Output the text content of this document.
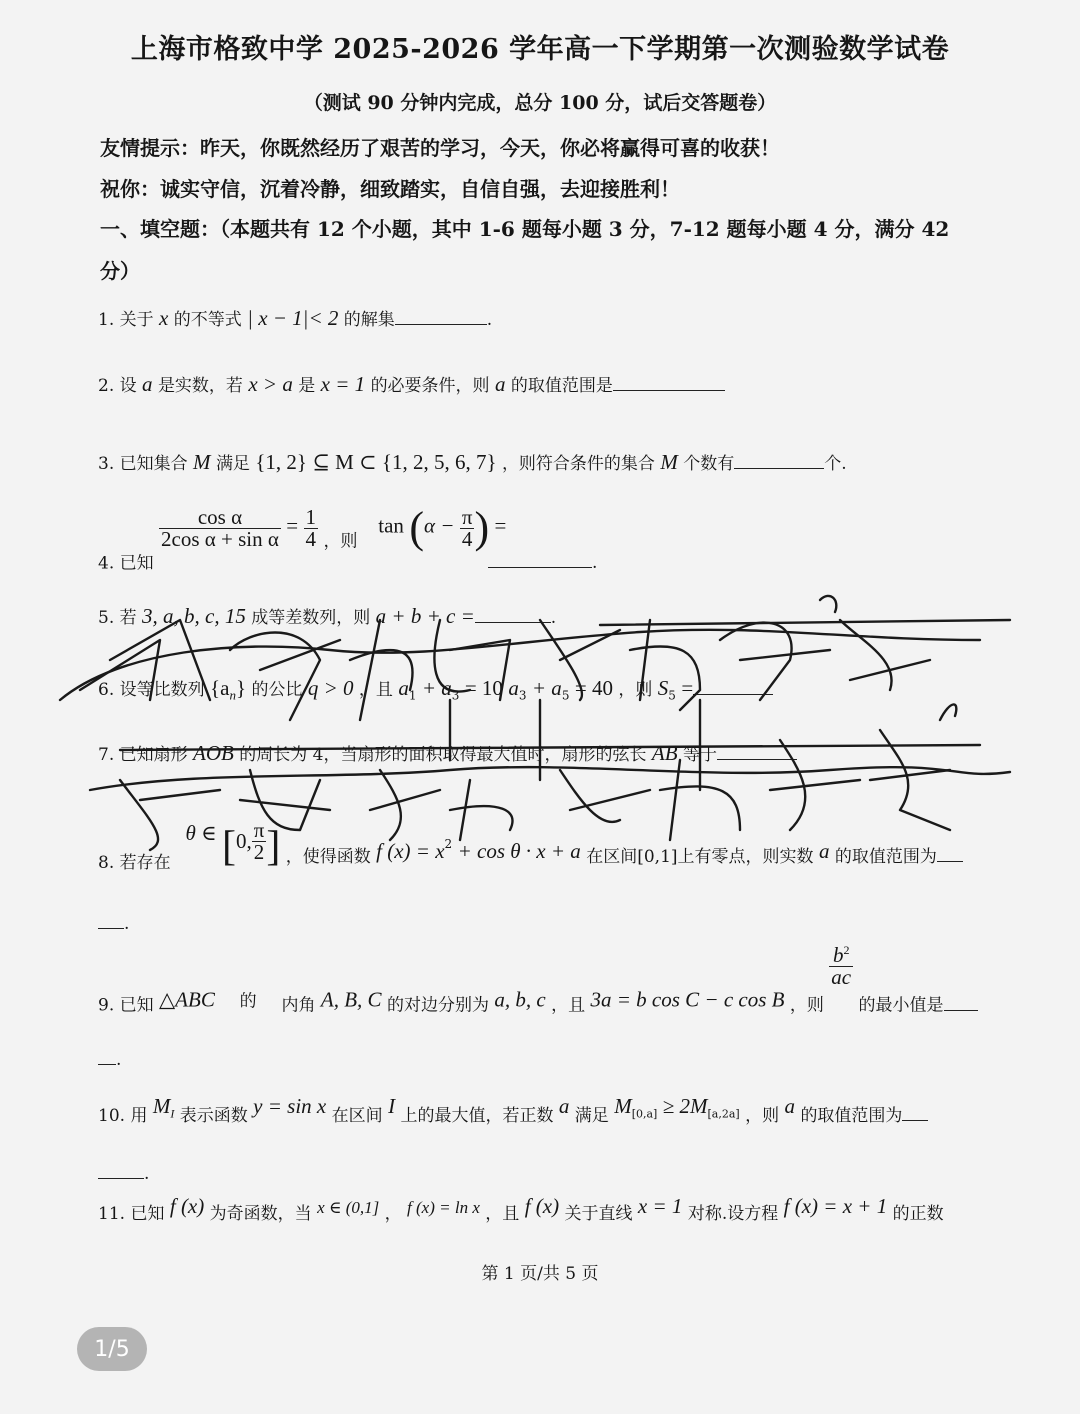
上海市格致中学 2025-2026 学年高一下学期第一次测验数学试卷
（测试 90 分钟内完成，总分 100 分，试后交答题卷）
友情提示：昨天，你既然经历了艰苦的学习，今天，你必将赢得可喜的收获！
祝你：诚实守信，沉着冷静，细致踏实，自信自强，去迎接胜利！
一、填空题：（本题共有 12 个小题，其中 1-6 题每小题 3 分，7-12 题每小题 4 分，满分 42
分）
1. 关于 x 的不等式 | x − 1|< 2 的解集	.
2. 设 a 是实数，若 x > a 是 x = 1 的必要条件，则 a 的取值范围是
3. 已知集合 M 满足 {1, 2} ⊆ M ⊂ {1, 2, 5, 6, 7} ，则符合条件的集合 M 个数有	个.
4. 已知
$\frac{\text{cos α}}{\text{2cos α + sin α}} = \frac{1}{4}$ ，则  $\tan (\alpha - \frac{\pi}{4}$ ) =
.
5. 若 3, a, b, c, 15 成等差数列，则 a + b + c =	.
6. 设等比数列 $\{a_n\}$ 的公比 q > 0 ，且 $a_1 + a_3 = 10$ $a_3 + a_5 = 40$ ，则 $S_5$ =
7. 已知扇形 AOB 的周长为 4，当扇形的面积取得最大值时，扇形的弦长 AB 等于
8. 若存在  θ ∈ [0, $\frac{\pi}{2}$ ] ，使得函数 f $(x) = x^2 + \cos \theta \cdot x + a$ 在区间[0,1]上有零点，则实数 a 的取值范围为
.
9. 已知 △ABC 的 内角 A, B, C 的对边分别为 a, b, c ，且 3a = b cos C − c cos B ，则
$\frac{b^2}{ac}$
的最小值是
.
10. 用 $M_I$ 表示函数 y = sin x 在区间 I 上的最大值，若正数 a 满足 $M_{[0,a]} \ge 2M_{[a,2a]}$ ，则 a 的取值范围为
.
11. 已知 f (x) 为奇函数，当 x ∈ (0,1] ， f (x) = ln x ，且 f (x) 关于直线 x = 1 对称.设方程 f (x) = x + 1 的正数
第 1 页/共 5 页
1/5
